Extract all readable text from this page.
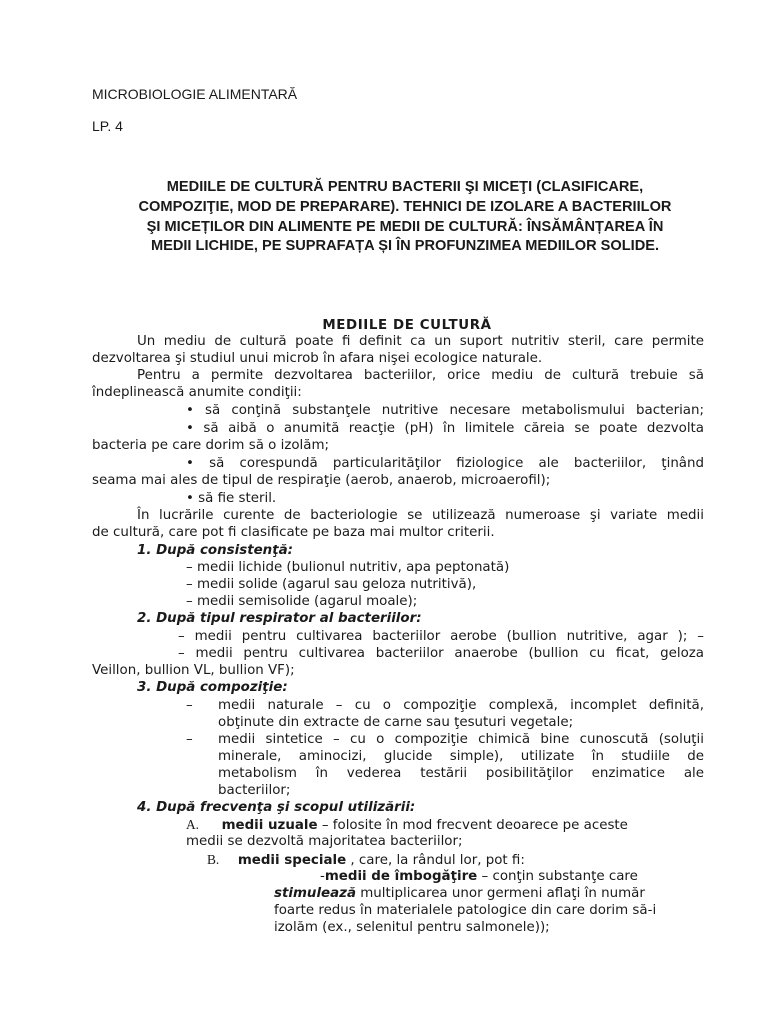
MICROBIOLOGIE ALIMENTARĂ
LP. 4
MEDIILE DE CULTURĂ PENTRU BACTERII ŞI MICEŢI (CLASIFICARE,
COMPOZIŢIE, MOD DE PREPARARE). TEHNICI DE IZOLARE A BACTERIILOR
ŞI MICEȚILOR DIN ALIMENTE PE MEDII DE CULTURĂ: ÎNSĂMÂNȚAREA ÎN
MEDII LICHIDE, PE SUPRAFAȚA ȘI ÎN PROFUNZIMEA MEDIILOR SOLIDE.
MEDIILE DE CULTURĂ
Un mediu de cultură poate fi definit ca un suport nutritiv steril, care permite
dezvoltarea şi studiul unui microb în afara nişei ecologice naturale.
Pentru a permite dezvoltarea bacteriilor, orice mediu de cultură trebuie să
îndeplinească anumite condiţii:
• să conţină substanţele nutritive necesare metabolismului bacterian;
• să aibă o anumită reacţie (pH) în limitele căreia se poate dezvolta
bacteria pe care dorim să o izolăm;
• să corespundă particularităţilor fiziologice ale bacteriilor, ţinând
seama mai ales de tipul de respiraţie (aerob, anaerob, microaerofil);
• să fie steril.
În lucrările curente de bacteriologie se utilizează numeroase şi variate medii
de cultură, care pot fi clasificate pe baza mai multor criterii.
1. După consistenţă:
– medii lichide (bulionul nutritiv, apa peptonată)
– medii solide (agarul sau geloza nutritivă),
– medii semisolide (agarul moale);
2. După tipul respirator al bacteriilor:
– medii pentru cultivarea bacteriilor aerobe (bullion nutritive, agar ); –
– medii pentru cultivarea bacteriilor anaerobe (bullion cu ficat, geloza
Veillon, bullion VL, bullion VF);
3. După compoziţie:
– medii naturale – cu o compoziţie complexă, incomplet definită,
obţinute din extracte de carne sau ţesuturi vegetale;
– medii sintetice – cu o compoziţie chimică bine cunoscută (soluţii
minerale, aminocizi, glucide simple), utilizate în studiile de
metabolism în vederea testării posibilităţilor enzimatice ale
bacteriilor;
4. După frecvenţa şi scopul utilizării:
A. medii uzuale – folosite în mod frecvent deoarece pe aceste
medii se dezvoltă majoritatea bacteriilor;
B. medii speciale , care, la rândul lor, pot fi:
-medii de îmbogăţire – conţin substanţe care
stimulează multiplicarea unor germeni aflaţi în număr
foarte redus în materialele patologice din care dorim să-i
izolăm (ex., selenitul pentru salmonele));
